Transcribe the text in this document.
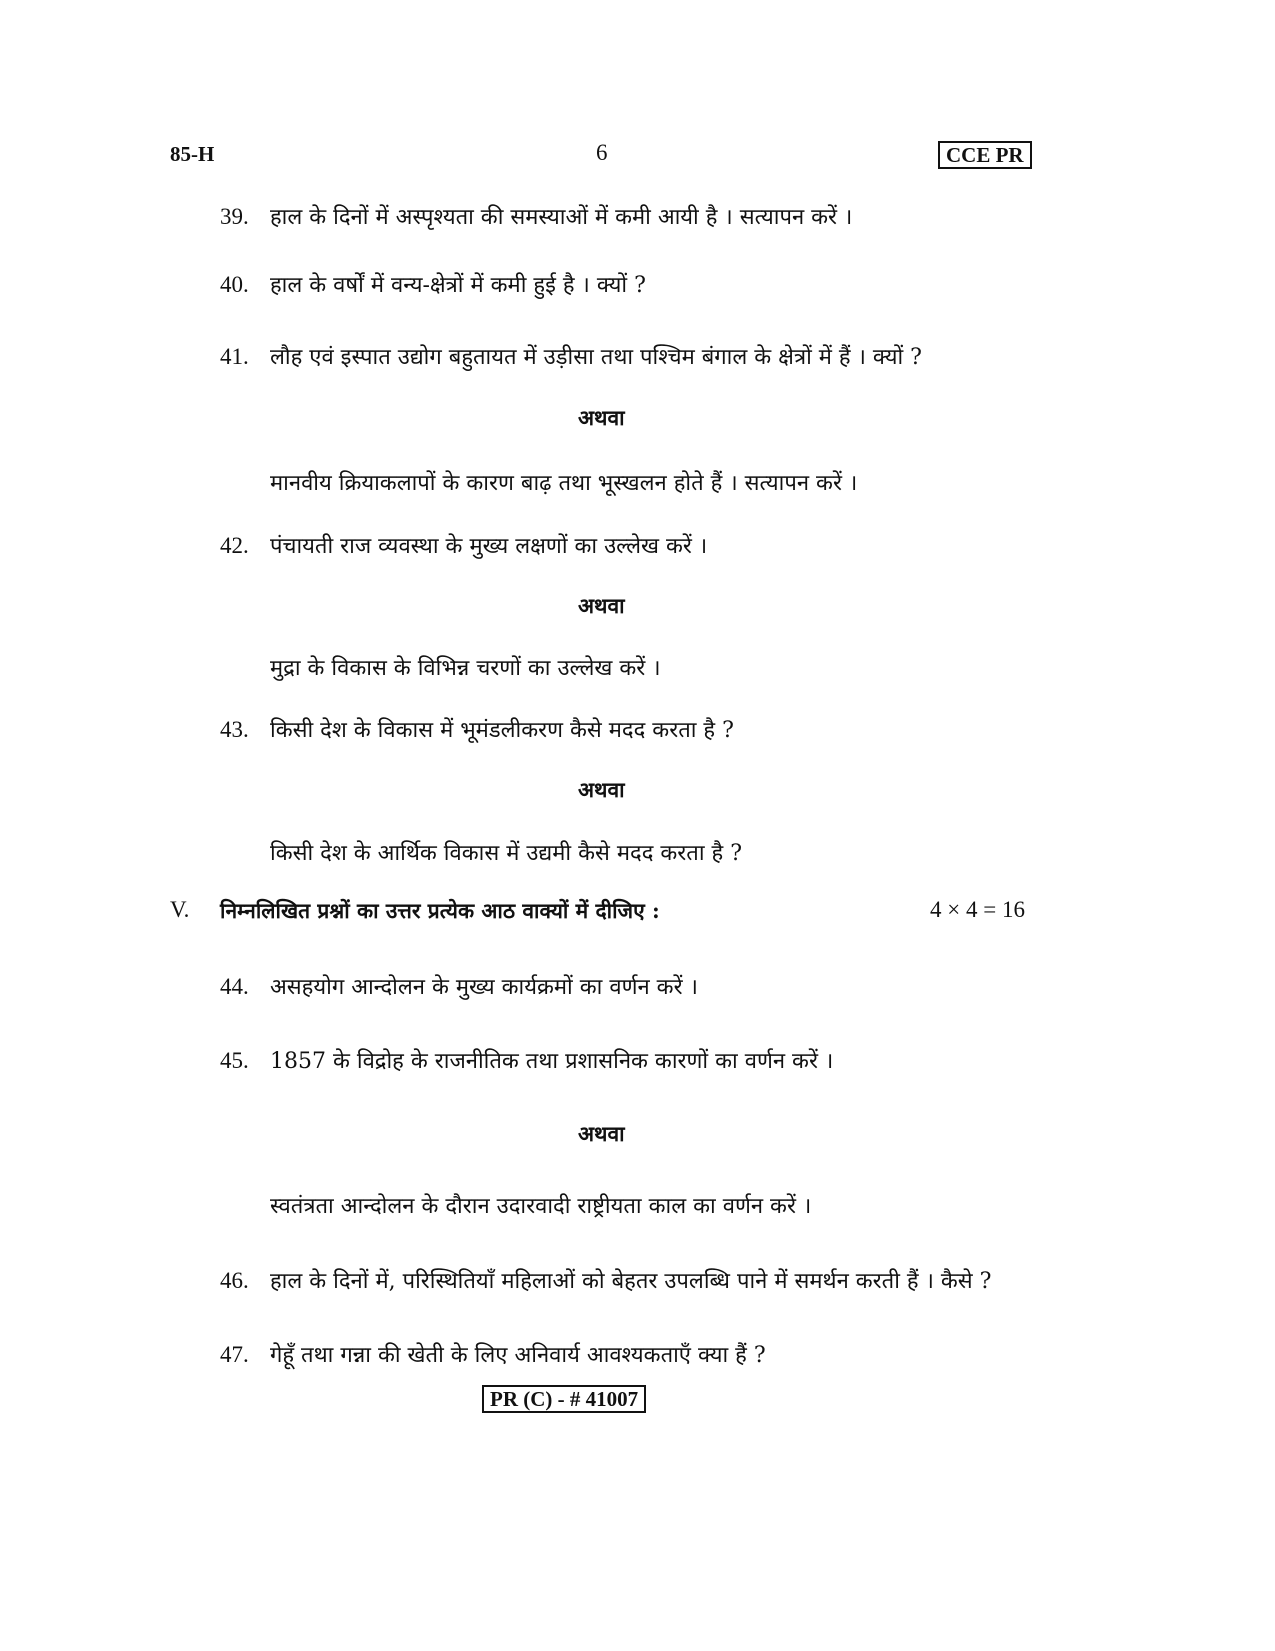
85-H	6	CCE PR
39. हाल के दिनों में अस्पृश्यता की समस्याओं में कमी आयी है । सत्यापन करें ।
40. हाल के वर्षों में वन्य-क्षेत्रों में कमी हुई है । क्यों ?
41. लौह एवं इस्पात उद्योग बहुतायत में उड़ीसा तथा पश्चिम बंगाल के क्षेत्रों में हैं । क्यों ?
अथवा
मानवीय क्रियाकलापों के कारण बाढ़ तथा भूस्खलन होते हैं । सत्यापन करें ।
42. पंचायती राज व्यवस्था के मुख्य लक्षणों का उल्लेख करें ।
अथवा
मुद्रा के विकास के विभिन्न चरणों का उल्लेख करें ।
43. किसी देश के विकास में भूमंडलीकरण कैसे मदद करता है ?
अथवा
किसी देश के आर्थिक विकास में उद्यमी कैसे मदद करता है ?
V. निम्नलिखित प्रश्नों का उत्तर प्रत्येक आठ वाक्यों में दीजिए :	4 × 4 = 16
44. असहयोग आन्दोलन के मुख्य कार्यक्रमों का वर्णन करें ।
45. 1857 के विद्रोह के राजनीतिक तथा प्रशासनिक कारणों का वर्णन करें ।
अथवा
स्वतंत्रता आन्दोलन के दौरान उदारवादी राष्ट्रीयता काल का वर्णन करें ।
46. हाल के दिनों में, परिस्थितियाँ महिलाओं को बेहतर उपलब्धि पाने में समर्थन करती हैं । कैसे ?
47. गेहूँ तथा गन्ना की खेती के लिए अनिवार्य आवश्यकताएँ क्या हैं ?
PR (C) - # 41007
